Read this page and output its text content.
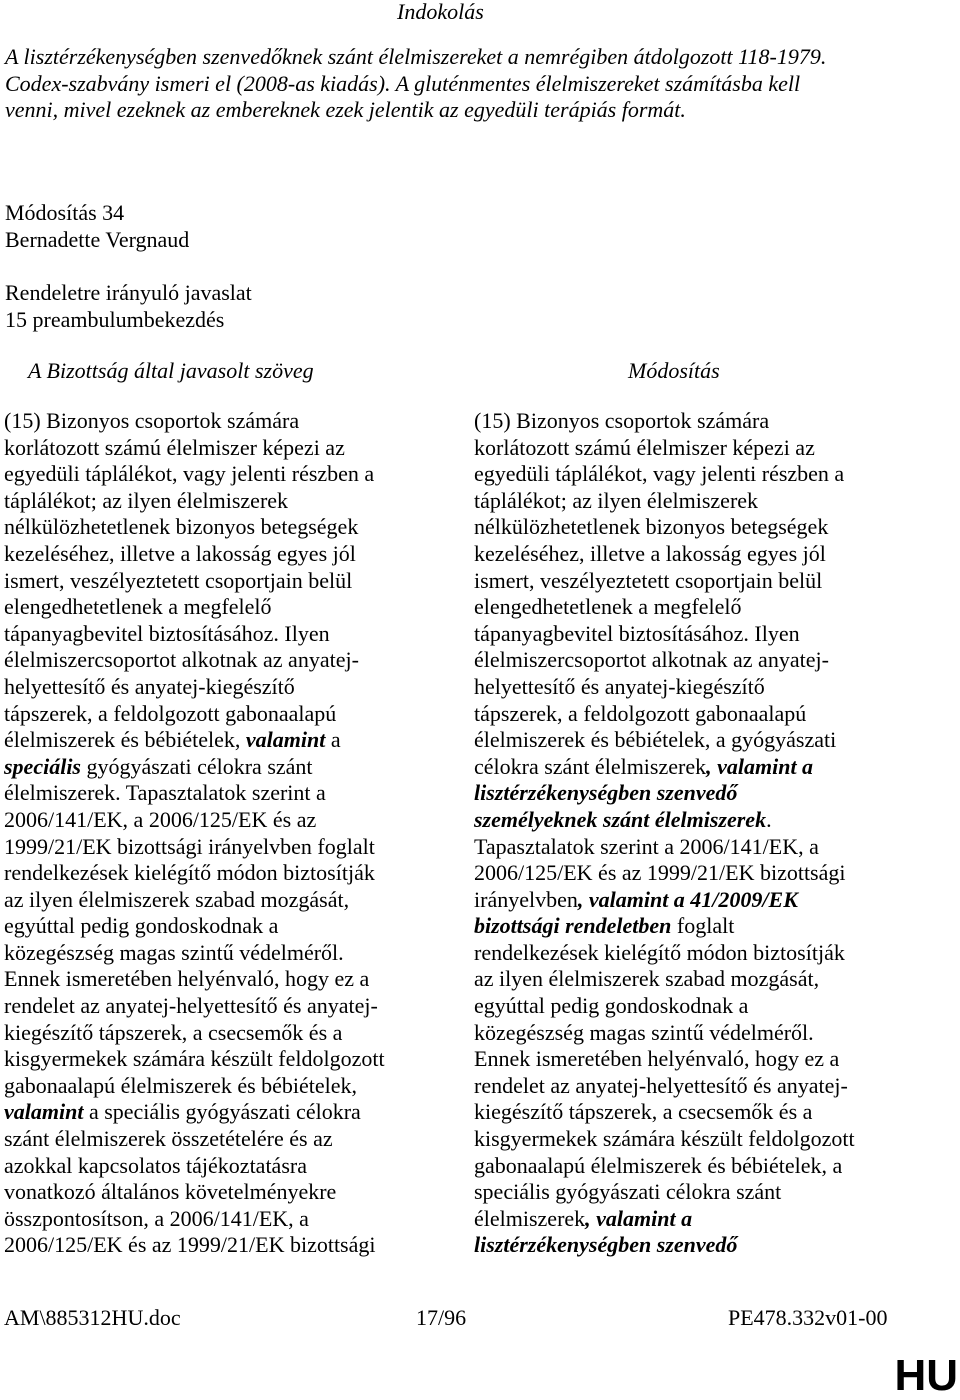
Indokolás
A lisztérzékenységben szenvedőknek szánt élelmiszereket a nemrégiben átdolgozott 118-1979.
Codex-szabvány ismeri el (2008-as kiadás). A gluténmentes élelmiszereket számításba kell
venni, mivel ezeknek az embereknek ezek jelentik az egyedüli terápiás formát.
Módosítás 34
Bernadette Vergnaud
Rendeletre irányuló javaslat
15 preambulumbekezdés
A Bizottság által javasolt szöveg	Módosítás
(15) Bizonyos csoportok számára
korlátozott számú élelmiszer képezi az
egyedüli táplálékot, vagy jelenti részben a
táplálékot; az ilyen élelmiszerek
nélkülözhetetlenek bizonyos betegségek
kezeléséhez, illetve a lakosság egyes jól
ismert, veszélyeztetett csoportjain belül
elengedhetetlenek a megfelelő
tápanyagbevitel biztosításához. Ilyen
élelmiszercsoportot alkotnak az anyatej-
helyettesítő és anyatej-kiegészítő
tápszerek, a feldolgozott gabonaalapú
élelmiszerek és bébiételek, valamint a
speciális gyógyászati célokra szánt
élelmiszerek. Tapasztalatok szerint a
2006/141/EK, a 2006/125/EK és az
1999/21/EK bizottsági irányelvben foglalt
rendelkezések kielégítő módon biztosítják
az ilyen élelmiszerek szabad mozgását,
egyúttal pedig gondoskodnak a
közegészség magas szintű védelméről.
Ennek ismeretében helyénvaló, hogy ez a
rendelet az anyatej-helyettesítő és anyatej-
kiegészítő tápszerek, a csecsemők és a
kisgyermekek számára készült feldolgozott
gabonaalapú élelmiszerek és bébiételek,
valamint a speciális gyógyászati célokra
szánt élelmiszerek összetételére és az
azokkal kapcsolatos tájékoztatásra
vonatkozó általános követelményekre
összpontosítson, a 2006/141/EK, a
2006/125/EK és az 1999/21/EK bizottsági
(15) Bizonyos csoportok számára
korlátozott számú élelmiszer képezi az
egyedüli táplálékot, vagy jelenti részben a
táplálékot; az ilyen élelmiszerek
nélkülözhetetlenek bizonyos betegségek
kezeléséhez, illetve a lakosság egyes jól
ismert, veszélyeztetett csoportjain belül
elengedhetetlenek a megfelelő
tápanyagbevitel biztosításához. Ilyen
élelmiszercsoportot alkotnak az anyatej-
helyettesítő és anyatej-kiegészítő
tápszerek, a feldolgozott gabonaalapú
élelmiszerek és bébiételek, a gyógyászati
célokra szánt élelmiszerek, valamint a
lisztérzékenységben szenvedő
személyeknek szánt élelmiszerek.
Tapasztalatok szerint a 2006/141/EK, a
2006/125/EK és az 1999/21/EK bizottsági
irányelvben, valamint a 41/2009/EK
bizottsági rendeletben foglalt
rendelkezések kielégítő módon biztosítják
az ilyen élelmiszerek szabad mozgását,
egyúttal pedig gondoskodnak a
közegészség magas szintű védelméről.
Ennek ismeretében helyénvaló, hogy ez a
rendelet az anyatej-helyettesítő és anyatej-
kiegészítő tápszerek, a csecsemők és a
kisgyermekek számára készült feldolgozott
gabonaalapú élelmiszerek és bébiételek, a
speciális gyógyászati célokra szánt
élelmiszerek, valamint a
lisztérzékenységben szenvedő
AM\885312HU.doc	17/96	PE478.332v01-00
HU
